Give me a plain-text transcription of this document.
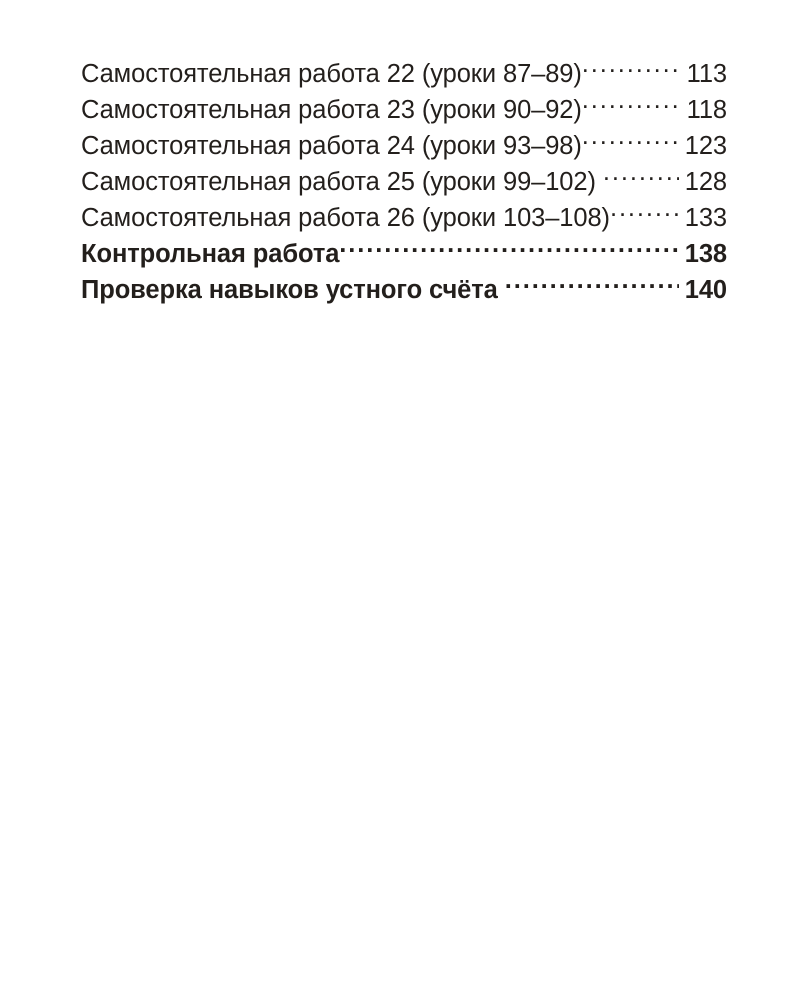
Самостоятельная работа 22 (уроки 87‒89) .....	113
Самостоятельная работа 23 (уроки 90‒92) .....	118
Самостоятельная работа 24 (уроки 93‒98) .....	123
Самостоятельная работа 25 (уроки 99‒102) .....	128
Самостоятельная работа 26 (уроки 103‒108) .....	133
Контрольная работа .....	138
Проверка навыков устного счёта .....	140
